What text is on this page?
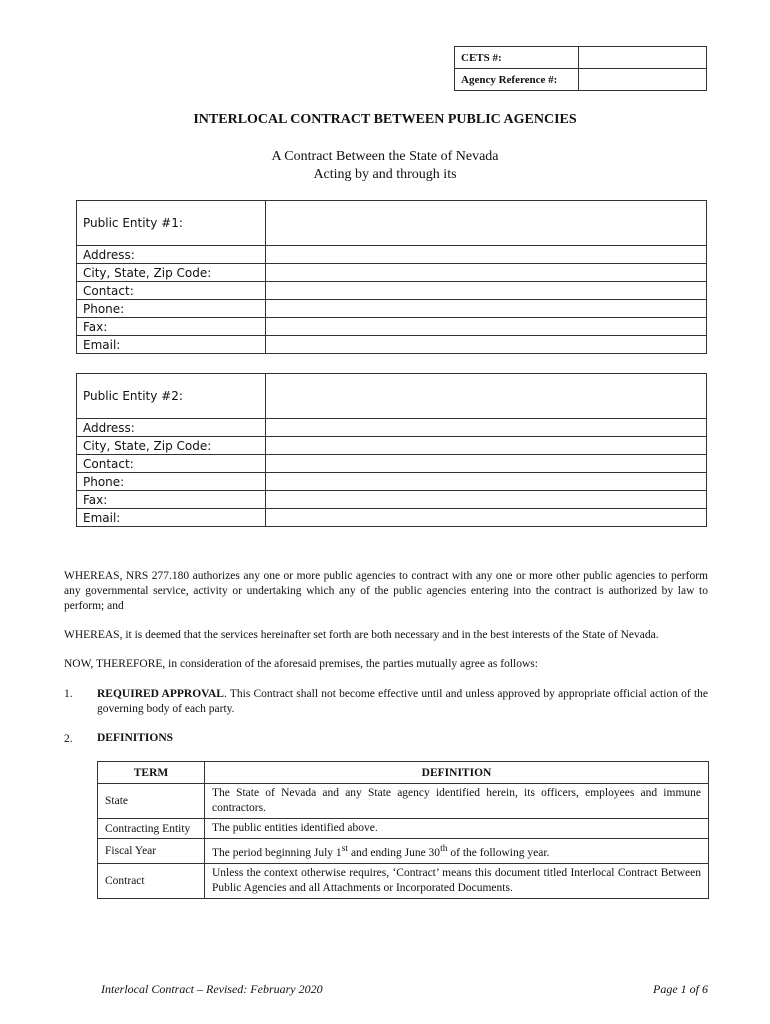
CETS #:	
Agency Reference #:	
INTERLOCAL CONTRACT BETWEEN PUBLIC AGENCIES
A Contract Between the State of Nevada
Acting by and through its
Public Entity #1:	
Address:	
City, State, Zip Code:	
Contact:	
Phone:	
Fax:	
Email:	
Public Entity #2:	
Address:	
City, State, Zip Code:	
Contact:	
Phone:	
Fax:	
Email:	
WHEREAS, NRS 277.180 authorizes any one or more public agencies to contract with any one or more other public agencies to perform any governmental service, activity or undertaking which any of the public agencies entering into the contract is authorized by law to perform; and
WHEREAS, it is deemed that the services hereinafter set forth are both necessary and in the best interests of the State of Nevada.
NOW, THEREFORE, in consideration of the aforesaid premises, the parties mutually agree as follows:
1. REQUIRED APPROVAL. This Contract shall not become effective until and unless approved by appropriate official action of the governing body of each party.
2. DEFINITIONS
TERM	DEFINITION
State	The State of Nevada and any State agency identified herein, its officers, employees and immune contractors.
Contracting Entity	The public entities identified above.
Fiscal Year	The period beginning July 1st and ending June 30th of the following year.
Contract	Unless the context otherwise requires, ‘Contract’ means this document titled Interlocal Contract Between Public Agencies and all Attachments or Incorporated Documents.
Interlocal Contract – Revised: February 2020	Page 1 of 6
